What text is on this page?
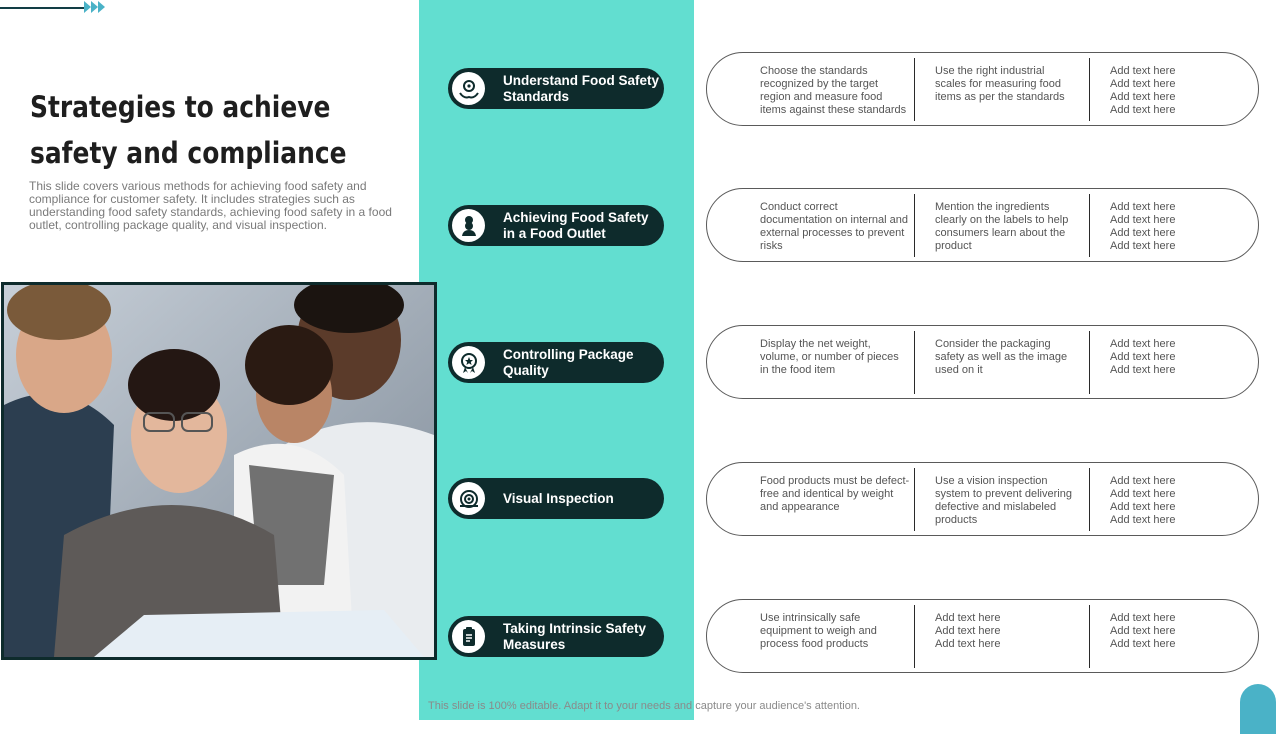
Strategies to achieve safety and compliance

This slide covers various methods for achieving food safety and compliance for customer safety. It includes strategies such as understanding food safety standards, achieving food safety in a food outlet, controlling package quality, and visual inspection.

Understand Food Safety Standards
Achieving Food Safety in a Food Outlet
Controlling Package Quality
Visual Inspection
Taking Intrinsic Safety Measures
Choose the standards recognized by the target region and measure food items against these standards
Use the right industrial scales for measuring food items as per the standards
Add text here
Add text here
Add text here
Add text here
Conduct correct documentation on internal and external processes to prevent risks
Mention the ingredients clearly on the labels to help consumers learn about the product
Add text here
Add text here
Add text here
Add text here
Display the net weight, volume, or number of pieces in the food item
Consider the packaging safety as well as the image used on it
Add text here
Add text here
Add text here
Food products must be defect-free and identical by weight and appearance
Use a vision inspection system to prevent delivering defective and mislabeled products
Add text here
Add text here
Add text here
Add text here
Use intrinsically safe equipment to weigh and process food products
Add text here
Add text here
Add text here
Add text here
Add text here
Add text here
This slide is 100% editable. Adapt it to your needs and capture your audience's attention.
